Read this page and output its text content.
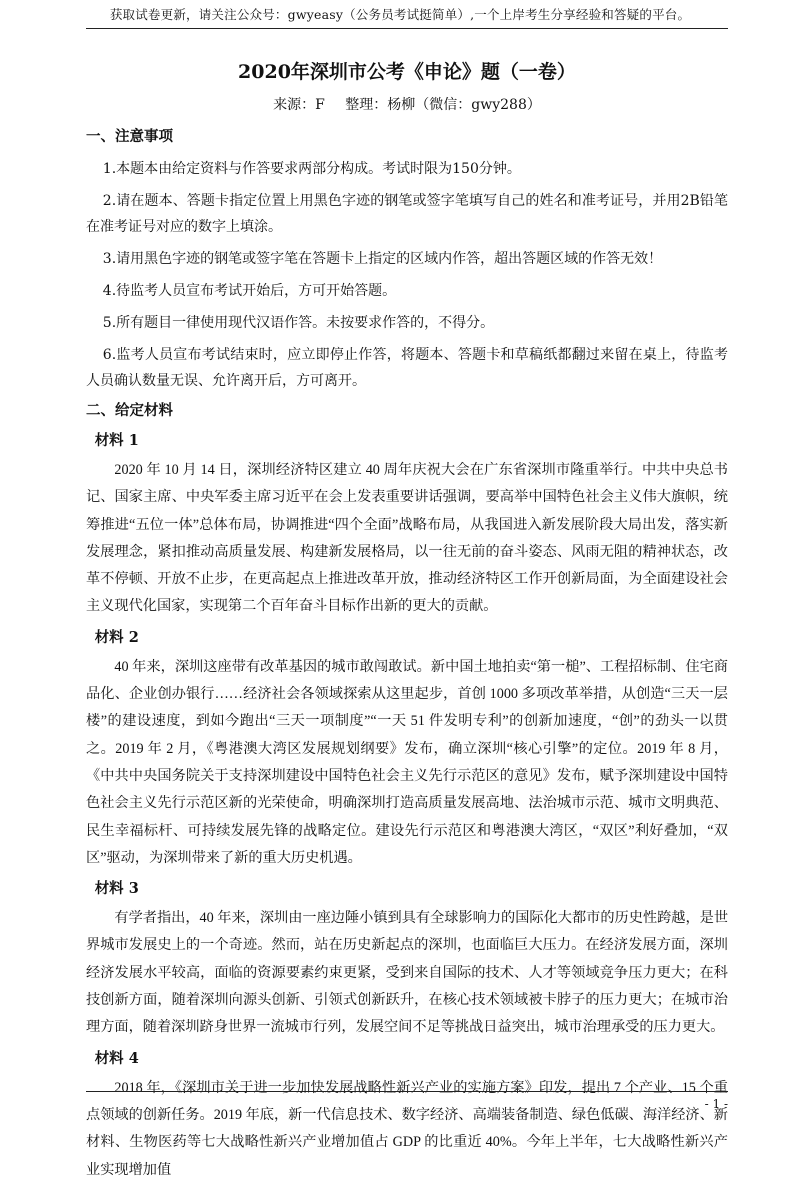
获取试卷更新，请关注公众号：gwyeasy（公务员考试挺简单）,一个上岸考生分享经验和答疑的平台。
2020年深圳市公考《申论》题（一卷）
来源：F 整理：杨柳（微信：gwy288）
一、注意事项
1.本题本由给定资料与作答要求两部分构成。考试时限为150分钟。
2.请在题本、答题卡指定位置上用黑色字迹的钢笔或签字笔填写自己的姓名和准考证号，并用2B铅笔在准考证号对应的数字上填涂。
3.请用黑色字迹的钢笔或签字笔在答题卡上指定的区域内作答，超出答题区域的作答无效！
4.待监考人员宣布考试开始后，方可开始答题。
5.所有题目一律使用现代汉语作答。未按要求作答的，不得分。
6.监考人员宣布考试结束时，应立即停止作答，将题本、答题卡和草稿纸都翻过来留在桌上，待监考人员确认数量无误、允许离开后，方可离开。
二、给定材料
材料 1

2020 年 10 月 14 日，深圳经济特区建立 40 周年庆祝大会在广东省深圳市隆重举行。中共中央总书记、国家主席、中央军委主席习近平在会上发表重要讲话强调，要高举中国特色社会主义伟大旗帜，统筹推进“五位一体”总体布局，协调推进“四个全面”战略布局，从我国进入新发展阶段大局出发，落实新发展理念，紧扣推动高质量发展、构建新发展格局，以一往无前的奋斗姿态、风雨无阻的精神状态，改革不停顿、开放不止步，在更高起点上推进改革开放，推动经济特区工作开创新局面，为全面建设社会主义现代化国家，实现第二个百年奋斗目标作出新的更大的贡献。

材料 2

40 年来，深圳这座带有改革基因的城市敢闯敢试。新中国土地拍卖“第一槌”、工程招标制、住宅商品化、企业创办银行……经济社会各领域探索从这里起步，首创 1000 多项改革举措，从创造“三天一层楼”的建设速度，到如今跑出“三天一项制度”“一天 51 件发明专利”的创新加速度，“创”的劲头一以贯之。2019 年 2 月，《粤港澳大湾区发展规划纲要》发布，确立深圳“核心引擎”的定位。2019 年 8 月，《中共中央国务院关于支持深圳建设中国特色社会主义先行示范区的意见》发布，赋予深圳建设中国特色社会主义先行示范区新的光荣使命，明确深圳打造高质量发展高地、法治城市示范、城市文明典范、民生幸福标杆、可持续发展先锋的战略定位。建设先行示范区和粤港澳大湾区，“双区”利好叠加，“双区”驱动，为深圳带来了新的重大历史机遇。

材料 3

有学者指出，40 年来，深圳由一座边陲小镇到具有全球影响力的国际化大都市的历史性跨越，是世界城市发展史上的一个奇迹。然而，站在历史新起点的深圳，也面临巨大压力。在经济发展方面，深圳经济发展水平较高，面临的资源要素约束更紧，受到来自国际的技术、人才等领域竞争压力更大；在科技创新方面，随着深圳向源头创新、引领式创新跃升，在核心技术领域被卡脖子的压力更大；在城市治理方面，随着深圳跻身世界一流城市行列，发展空间不足等挑战日益突出，城市治理承受的压力更大。

材料 4

2018 年，《深圳市关于进一步加快发展战略性新兴产业的实施方案》印发，提出 7 个产业、15 个重点领域的创新任务。2019 年底，新一代信息技术、数字经济、高端装备制造、绿色低碳、海洋经济、新材料、生物医药等七大战略性新兴产业增加值占 GDP 的比重近 40%。今年上半年，七大战略性新兴产业实现增加值

- 1 -
